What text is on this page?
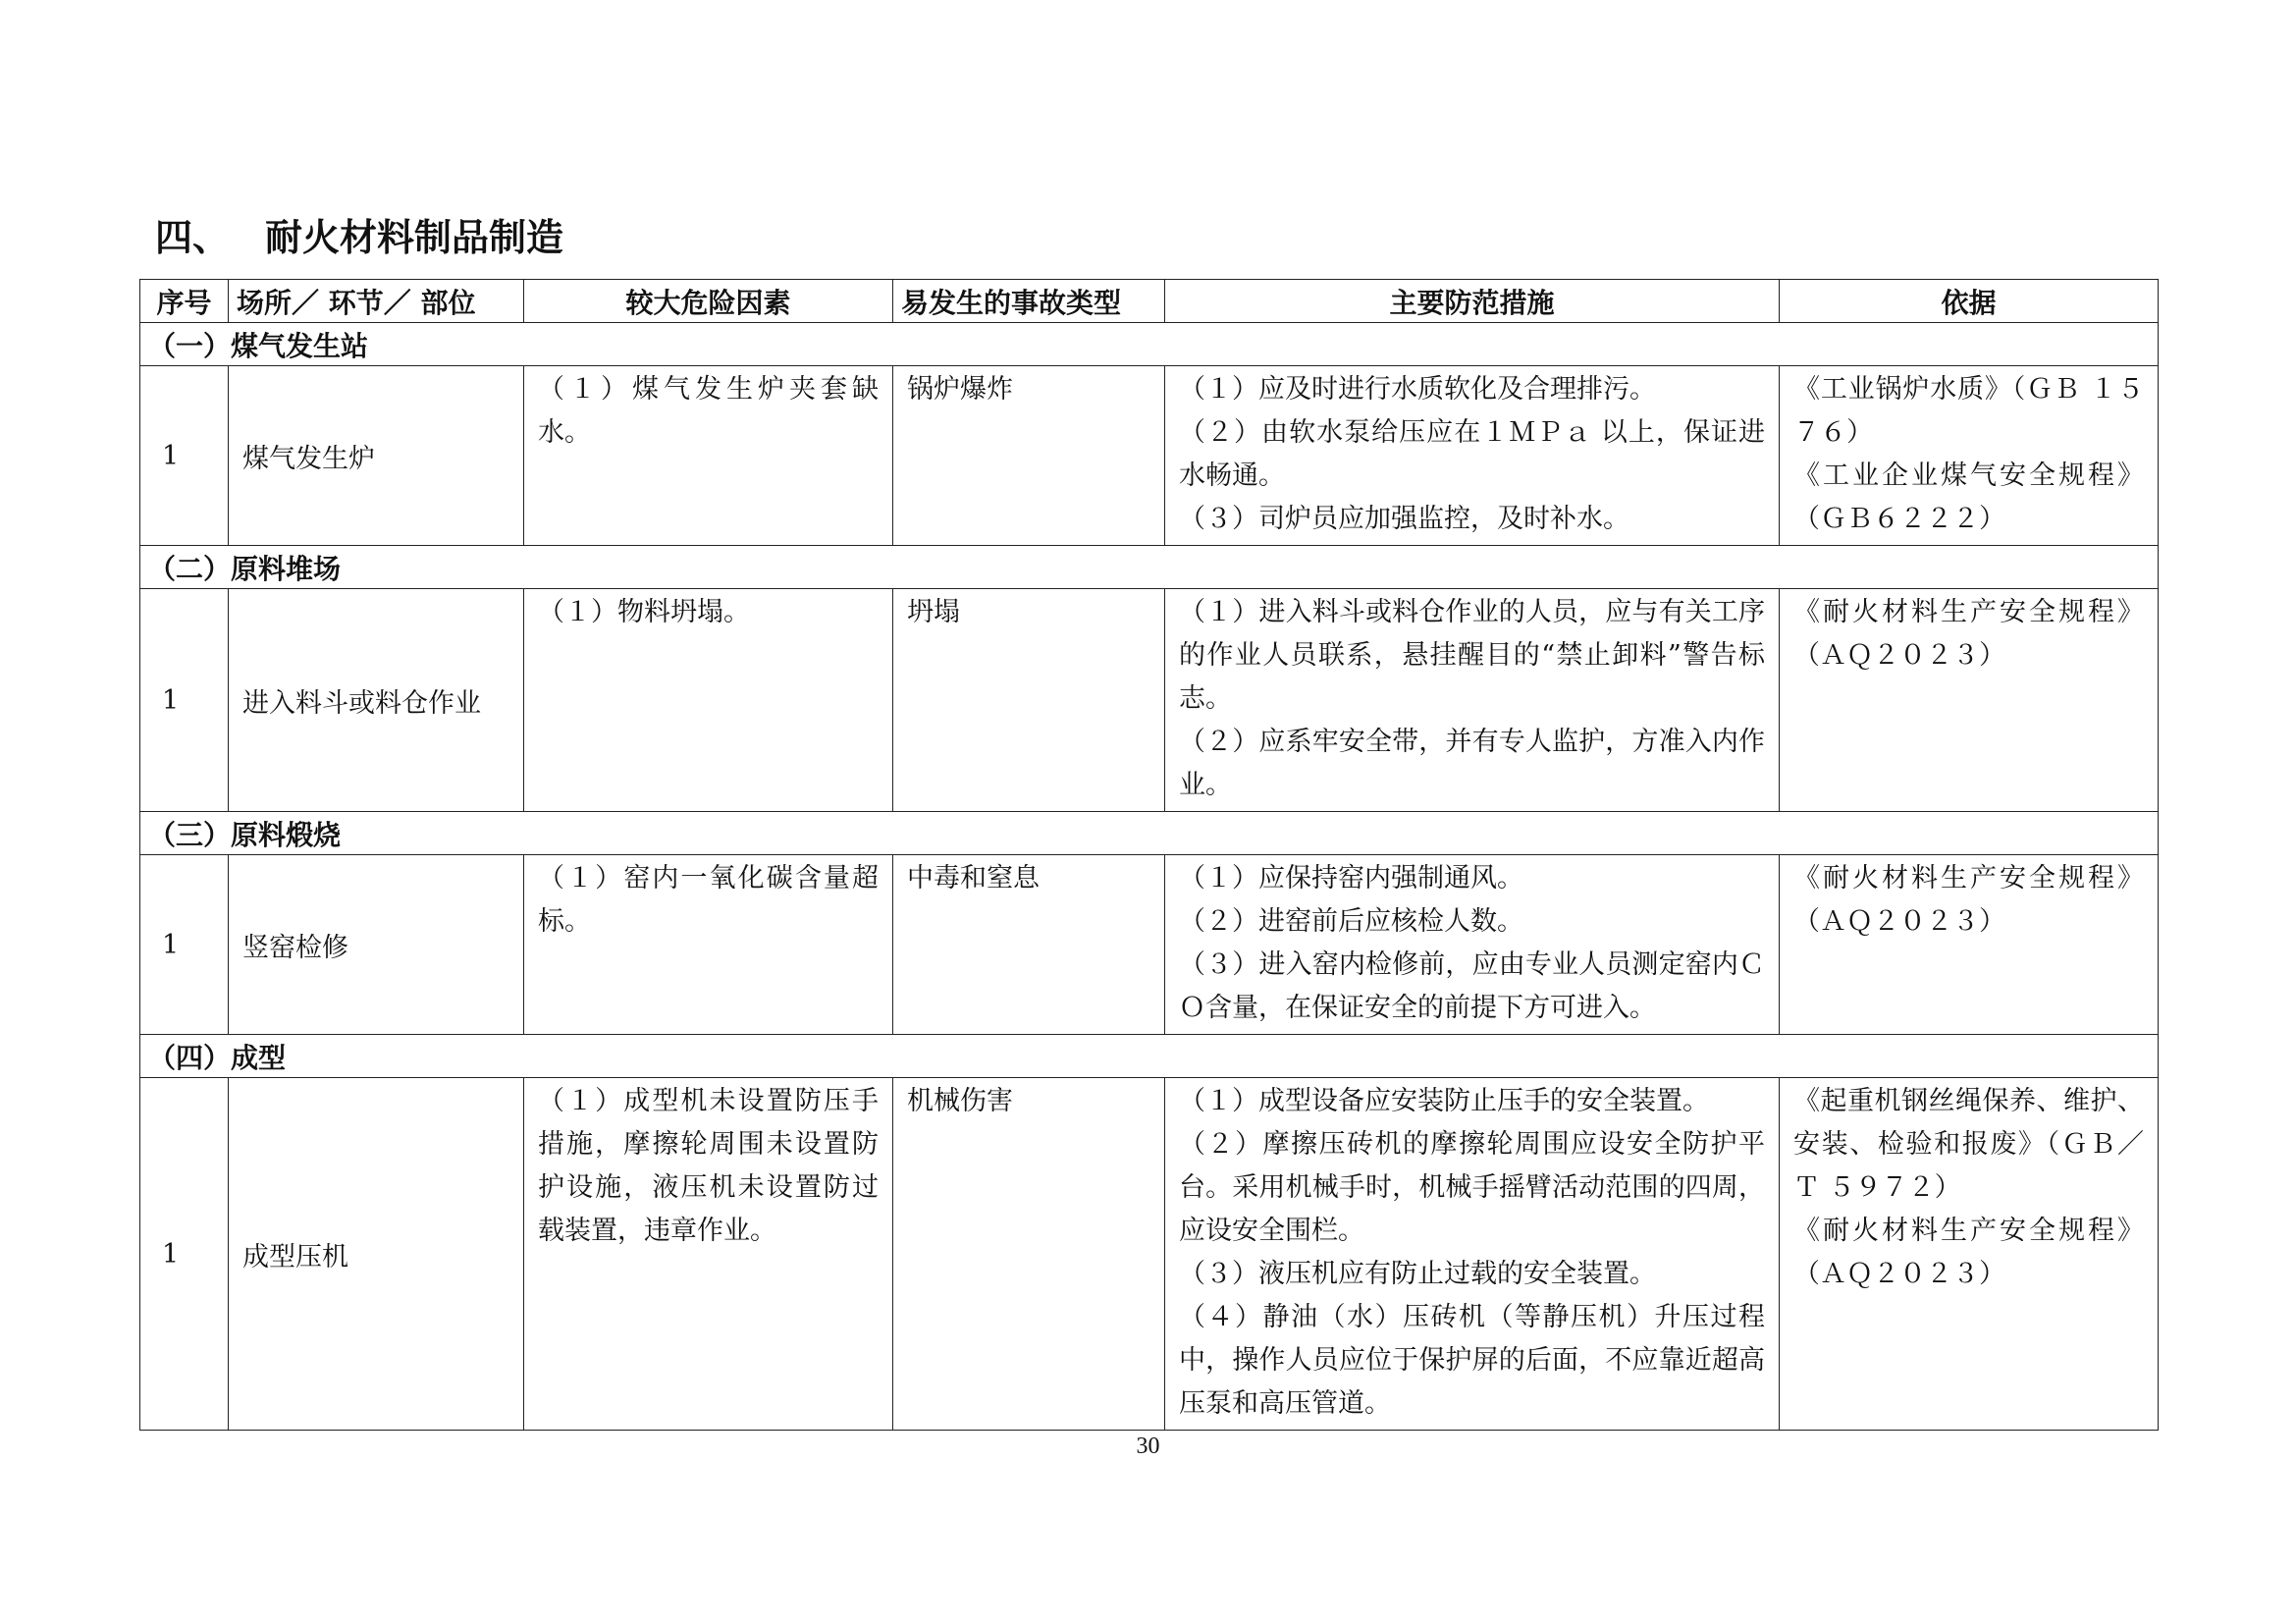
四、 耐火材料制品制造
序号	场所／ 环节／ 部位	较大危险因素	易发生的事故类型	主要防范措施	依据
（一）煤气发生站					
1	煤气发生炉	（１）煤气发生炉夹套缺水。	锅炉爆炸	（１）应及时进行水质软化及合理排污。
（２）由软水泵给压应在１ＭＰａ 以上，保证进水畅通。
（３）司炉员应加强监控，及时补水。	《工业锅炉水质》（ＧＢ １５７６）
《工业企业煤气安全规程》（ＧＢ６２２２）

（二）原料堆场					
1	进入料斗或料仓作业	（１）物料坍塌。	坍塌	（１）进入料斗或料仓作业的人员，应与有关工序的作业人员联系，悬挂醒目的“禁止卸料”警告标志。
（２）应系牢安全带，并有专人监护，方准入内作业。	《耐火材料生产安全规程》（ＡＱ２０２３）

（三）原料煅烧					
1	竖窑检修	（１）窑内一氧化碳含量超标。	中毒和窒息	（１）应保持窑内强制通风。
（２）进窑前后应核检人数。
（３）进入窑内检修前，应由专业人员测定窑内ＣＯ含量，在保证安全的前提下方可进入。	《耐火材料生产安全规程》（ＡＱ２０２３）

（四）成型					
1	成型压机	（１）成型机未设置防压手措施，摩擦轮周围未设置防护设施，液压机未设置防过载装置，违章作业。	机械伤害	（１）成型设备应安装防止压手的安全装置。
（２）摩擦压砖机的摩擦轮周围应设安全防护平台。采用机械手时，机械手摇臂活动范围的四周，应设安全围栏。
（３）液压机应有防止过载的安全装置。
（４）静油（水）压砖机（等静压机）升压过程中，操作人员应位于保护屏的后面，不应靠近超高压泵和高压管道。	《起重机钢丝绳保养、维护、安装、检验和报废》（ＧＢ／Ｔ ５９７２）
《耐火材料生产安全规程》（ＡＱ２０２３）
30
